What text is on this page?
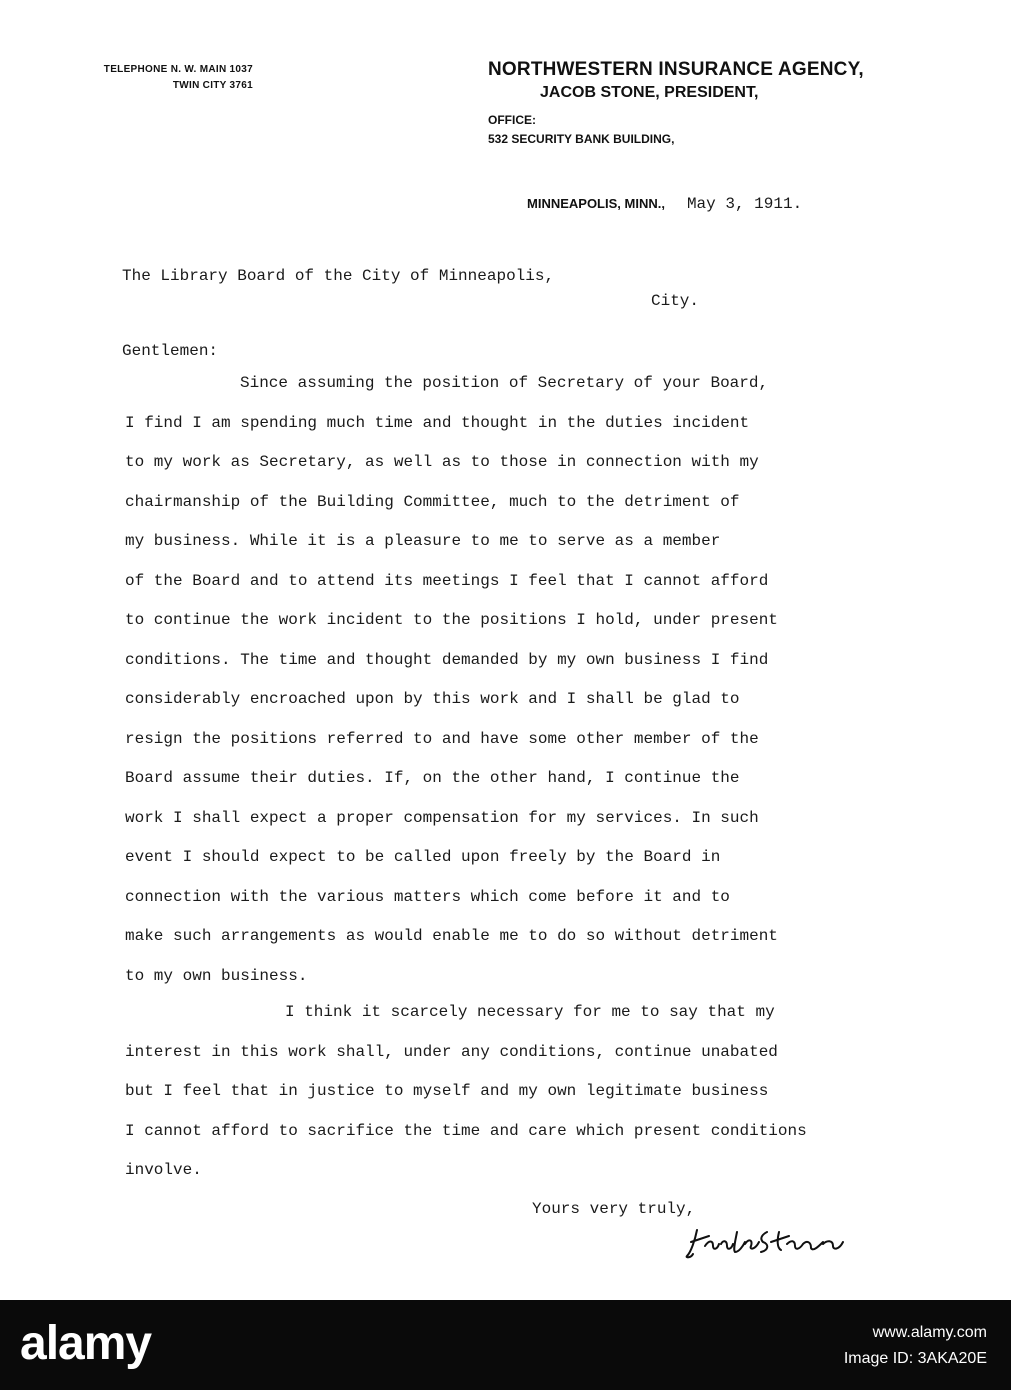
TELEPHONE N. W. MAIN 1037
TWIN CITY 3761
NORTHWESTERN INSURANCE AGENCY,
JACOB STONE, PRESIDENT,
OFFICE:
532 SECURITY BANK BUILDING,
MINNEAPOLIS, MINN., May 3, 1911.
The Library Board of the City of Minneapolis,
City.
Gentlemen:
Since assuming the position of Secretary of your Board,
I find I am spending much time and thought in the duties incident
to my work as Secretary, as well as to those in connection with my
chairmanship of the Building Committee, much to the detriment of
my business. While it is a pleasure to me to serve as a member
of the Board and to attend its meetings I feel that I cannot afford
to continue the work incident to the positions I hold, under present
conditions. The time and thought demanded by my own business I find
considerably encroached upon by this work and I shall be glad to
resign the positions referred to and have some other member of the
Board assume their duties. If, on the other hand, I continue the
work I shall expect a proper compensation for my services. In such
event I should expect to be called upon freely by the Board in
connection with the various matters which come before it and to
make such arrangements as would enable me to do so without detriment
to my own business.
I think it scarcely necessary for me to say that my
interest in this work shall, under any conditions, continue unabated
but I feel that in justice to myself and my own legitimate business
I cannot afford to sacrifice the time and care which present conditions
involve.
Yours very truly,
alamy	Image ID: 3AKA20E
www.alamy.com
